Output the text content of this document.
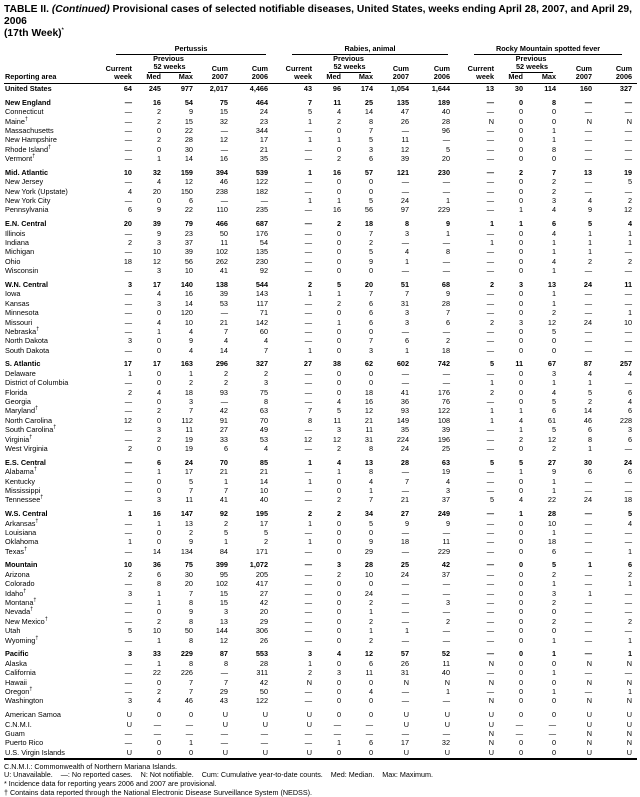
TABLE II. (Continued) Provisional cases of selected notifiable diseases, United States, weeks ending April 28, 2007, and April 29, 2006
(17th Week)*

	Pertussis					Rabies, animal					Rocky Mountain spotted fever				

		Previous					Previous					Previous			
	Current	52 weeks		Cum	Cum	Current	52 weeks		Cum	Cum	Current	52 weeks		Cum	Cum
Reporting area	week	Med	Max	2007	2006	week	Med	Max	2007	2006	week	Med	Max	2007	2006
United States	64	245	977	2,017	4,466	43	96	174	1,054	1,644	13	30	114	160	327
New England	—	16	54	75	464	7	11	25	135	189	—	0	8	—	—
Connecticut	—	2	9	15	24	5	4	14	47	40	—	0	0	—	—
Maine†	—	2	15	32	23	1	2	8	26	28	N	0	0	N	N
Massachusetts	—	0	22	—	344	—	0	7	—	96	—	0	1	—	—
New Hampshire	—	2	28	12	17	1	1	5	11	—	—	0	1	—	—
Rhode Island†	—	0	30	—	21	—	0	3	12	5	—	0	8	—	—
Vermont†	—	1	14	16	35	—	2	6	39	20	—	0	0	—	—
Mid. Atlantic	10	32	159	394	539	1	16	57	121	230	—	2	7	13	19
New Jersey	—	4	12	46	122	—	0	0	—	—	—	0	2	—	5
New York (Upstate)	4	20	150	238	182	—	0	0	—	—	—	0	2	—	—
New York City	—	0	6	—	—	1	1	5	24	1	—	0	3	4	2
Pennsylvania	6	9	22	110	235	—	16	56	97	229	—	1	4	9	12
E.N. Central	20	39	79	466	687	—	2	18	8	9	1	1	6	5	4
Illinois	—	9	23	50	176	—	0	7	3	1	—	0	4	1	1
Indiana	2	3	37	11	54	—	0	2	—	—	1	0	1	1	1
Michigan	—	10	39	102	135	—	0	5	4	8	—	0	1	1	—
Ohio	18	12	56	262	230	—	0	9	1	—	—	0	4	2	2
Wisconsin	—	3	10	41	92	—	0	0	—	—	—	0	1	—	—
W.N. Central	3	17	140	138	544	2	5	20	51	68	2	3	13	24	11
Iowa	—	4	16	39	143	1	1	7	7	9	—	0	1	—	—
Kansas	—	3	14	53	117	—	2	6	31	28	—	0	1	—	—
Minnesota	—	0	120	—	71	—	0	6	3	7	—	0	2	—	1
Missouri	—	4	10	21	142	—	1	6	3	6	2	3	12	24	10
Nebraska†	—	1	4	7	60	—	0	0	—	—	—	0	5	—	—
North Dakota	3	0	9	4	4	—	0	7	6	2	—	0	0	—	—
South Dakota	—	0	4	14	7	1	0	3	1	18	—	0	0	—	—
S. Atlantic	17	17	163	296	327	27	38	62	602	742	5	11	67	87	257
Delaware	1	0	1	2	2	—	0	0	—	—	—	0	3	4	4
District of Columbia	—	0	2	2	3	—	0	0	—	—	1	0	1	1	—
Florida	2	4	18	93	75	—	0	18	41	176	2	0	4	5	6
Georgia	—	0	3	—	8	—	4	16	36	76	—	0	5	2	4
Maryland†	—	2	7	42	63	7	5	12	93	122	1	1	6	14	6
North Carolina	12	0	112	91	70	8	11	21	149	108	1	4	61	46	228
South Carolina†	—	3	11	27	49	—	3	11	35	39	—	1	5	6	3
Virginia†	—	2	19	33	53	12	12	31	224	196	—	2	12	8	6
West Virginia	2	0	19	6	4	—	2	8	24	25	—	0	2	1	—
E.S. Central	—	6	24	70	85	1	4	13	28	63	5	5	27	30	24
Alabama†	—	1	17	21	21	—	1	8	—	19	—	1	9	6	6
Kentucky	—	0	5	1	14	1	0	4	7	4	—	0	1	—	—
Mississippi	—	0	7	7	10	—	0	1	—	3	—	0	1	—	—
Tennessee†	—	3	11	41	40	—	2	7	21	37	5	4	22	24	18
W.S. Central	1	16	147	92	195	2	2	34	27	249	—	1	28	—	5
Arkansas†	—	1	13	2	17	1	0	5	9	9	—	0	10	—	4
Louisiana	—	0	2	5	5	—	0	0	—	—	—	0	1	—	—
Oklahoma	1	0	9	1	2	1	0	9	18	11	—	0	18	—	—
Texas†	—	14	134	84	171	—	0	29	—	229	—	0	6	—	1
Mountain	10	36	75	399	1,072	—	3	28	25	42	—	0	5	1	6
Arizona	2	6	30	95	205	—	2	10	24	37	—	0	2	—	2
Colorado	—	8	20	102	417	—	0	0	—	—	—	0	1	—	1
Idaho†	3	1	7	15	27	—	0	24	—	—	—	0	3	1	—
Montana†	—	1	8	15	42	—	0	2	—	3	—	0	2	—	—
Nevada†	—	0	9	3	20	—	0	1	—	—	—	0	0	—	—
New Mexico†	—	2	8	13	29	—	0	2	—	2	—	0	2	—	2
Utah	5	10	50	144	306	—	0	1	1	—	—	0	0	—	—
Wyoming†	—	1	8	12	26	—	0	2	—	—	—	0	1	—	1
Pacific	3	33	229	87	553	3	4	12	57	52	—	0	1	—	1
Alaska	—	1	8	8	28	1	0	6	26	11	N	0	0	N	N
California	—	22	226	—	311	2	3	11	31	40	—	0	1	—	—
Hawaii	—	0	7	7	42	N	0	0	N	N	N	0	0	N	N
Oregon†	—	2	7	29	50	—	0	4	—	1	—	0	1	—	1
Washington	3	4	46	43	122	—	0	0	—	—	N	0	0	N	N
American Samoa	U	0	0	U	U	U	0	0	U	U	U	0	0	U	U
C.N.M.I.	U	—	—	U	U	U	—	—	U	U	U	—	—	U	U
Guam	—	—	—	—	—	—	—	—	—	—	N	—	—	N	N
Puerto Rico	—	0	1	—	—	—	1	6	17	32	N	0	0	N	N
U.S. Virgin Islands	U	0	0	U	U	U	0	0	U	U	U	0	0	U	U
C.N.M.I.: Commonwealth of Northern Mariana Islands.
U: Unavailable.    —: No reported cases.    N: Not notifiable.    Cum: Cumulative year-to-date counts.    Med: Median.    Max: Maximum.
* Incidence data for reporting years 2006 and 2007 are provisional.
† Contains data reported through the National Electronic Disease Surveillance System (NEDSS).
